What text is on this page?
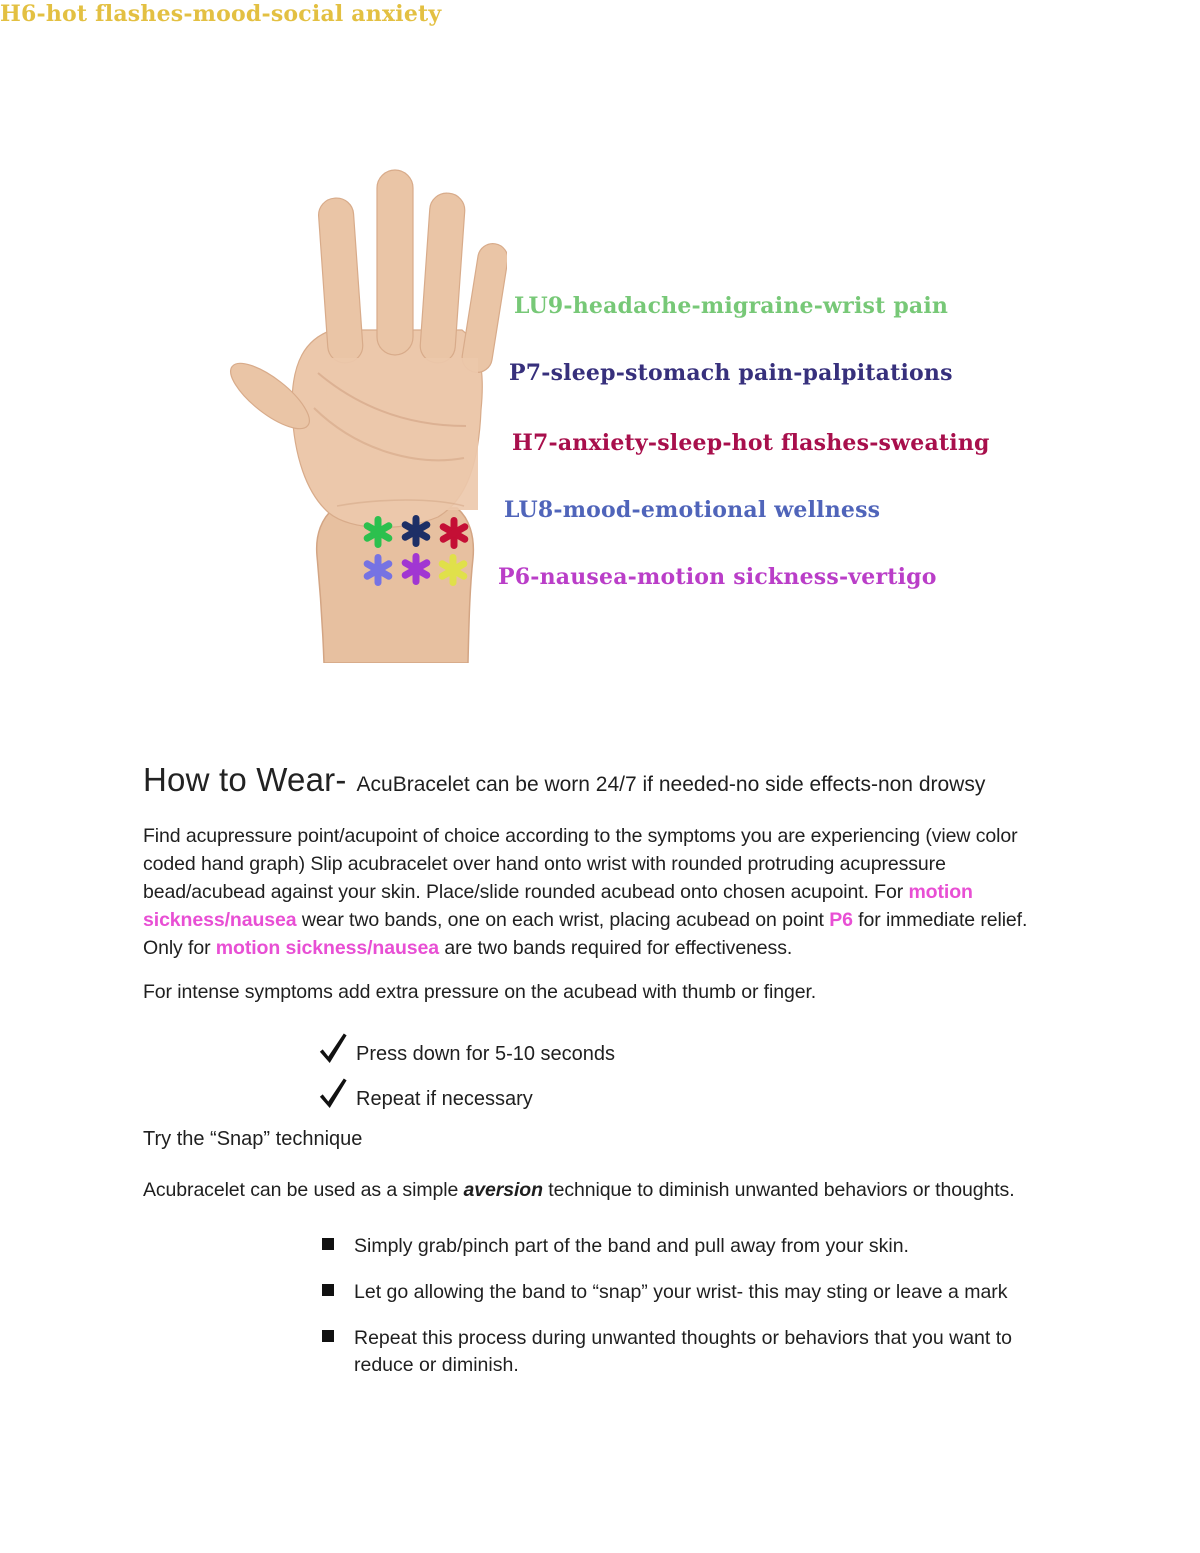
LU9-headache-migraine-wrist pain
P7-sleep-stomach pain-palpitations
H7-anxiety-sleep-hot flashes-sweating
LU8-mood-emotional wellness
P6-nausea-motion sickness-vertigo
H6-hot flashes-mood-social anxiety
How to Wear- AcuBracelet can be worn 24/7 if needed-no side effects-non drowsy
Find acupressure point/acupoint of choice according to the symptoms you are experiencing (view color coded hand graph) Slip acubracelet over hand onto wrist with rounded protruding acupressure bead/acubead against your skin. Place/slide rounded acubead onto chosen acupoint. For motion sickness/nausea wear two bands, one on each wrist, placing acubead on point P6 for immediate relief. Only for motion sickness/nausea are two bands required for effectiveness.
For intense symptoms add extra pressure on the acubead with thumb or finger.
Press down for 5-10 seconds
Repeat if necessary
Try the “Snap” technique
Acubracelet can be used as a simple aversion technique to diminish unwanted behaviors or thoughts.
Simply grab/pinch part of the band and pull away from your skin.
Let go allowing the band to “snap” your wrist- this may sting or leave a mark
Repeat this process during unwanted thoughts or behaviors that you want to reduce or diminish.
